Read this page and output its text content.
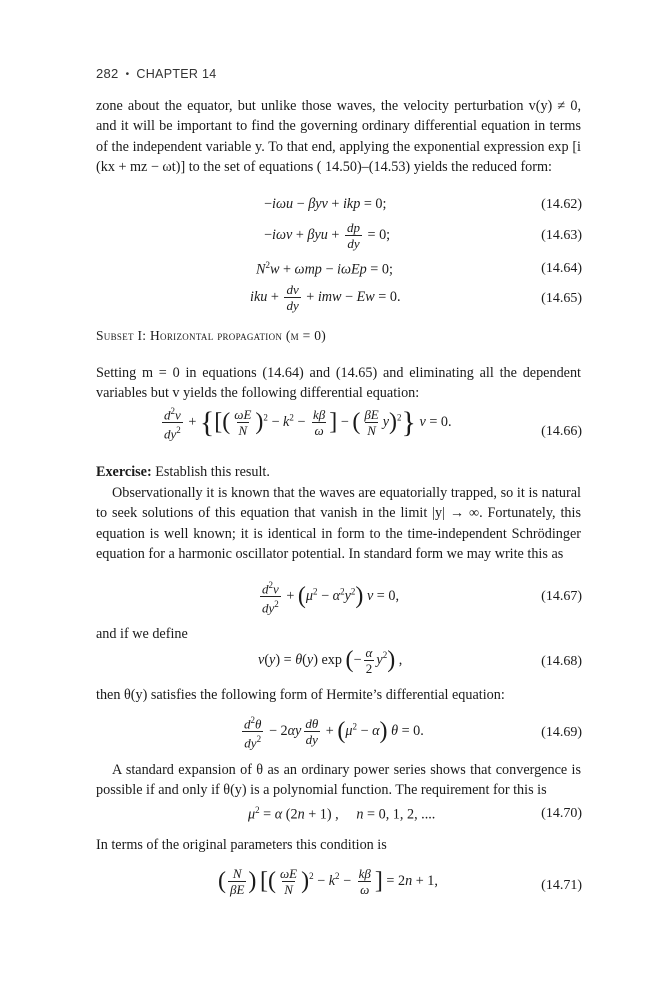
282 • CHAPTER 14
zone about the equator, but unlike those waves, the velocity perturbation v(y) ≠ 0, and it will be important to find the governing ordinary differential equation in terms of the independent variable y. To that end, applying the exponential expression exp [i (kx + mz − ωt)] to the set of equations ( 14.50)–(14.53) yields the reduced form:
−iωu − βyv + ikp = 0;	(14.62)
$-i\omega v + \beta yu + \frac{dp}{dy} = 0$;	(14.63)
$N^2w + \omega mp - i\omega Ep = 0$;	(14.64)
iku + $\frac{dv}{dy}$ + imw − Ew = 0.	(14.65)
Subset I: Horizontal propagation (m = 0)
Setting m = 0 in equations (14.64) and (14.65) and eliminating all the dependent variables but v yields the following differential equation:
$\frac{d^2v}{dy^2}$ + {[( $\frac{\omega E}{N} )^2 - k^2 - \frac{k\beta}{\omega}$ ] − ( $\frac{\beta E}{N} y)^2$} v = 0.
(14.66)
Exercise: Establish this result.
Observationally it is known that the waves are equatorially trapped, so it is natural to seek solutions of this equation that vanish in the limit |y| → ∞. Fortunately, this equation is well known; it is identical in form to the time-independent Schrödinger equation for a harmonic oscillator potential. In standard form we may write this as
$\frac{d^2v}{dy^2} + (\mu^2 - \alpha^2y^2) v = 0$,	(14.67)
and if we define
v(y) = θ(y) exp (− $\frac{\alpha}{2} y^2$) ,	(14.68)
then θ(y) satisfies the following form of Hermite’s differential equation:
$\frac{d^2\theta}{dy^2} - 2\alpha y \frac{d\theta}{dy} + (\mu^2 - \alpha) \theta = 0$.	(14.69)
A standard expansion of θ as an ordinary power series shows that convergence is possible if and only if θ(y) is a polynomial function. The requirement for this is
$\mu^2 = \alpha$ (2n + 1) ,     n = 0, 1, 2, ....	(14.70)
In terms of the original parameters this condition is
( $\frac{N}{\beta E}$ ) [( $\frac{\omega E}{N} )^2 - k^2 - \frac{k\beta}{\omega}$ ] = 2n + 1,	(14.71)
